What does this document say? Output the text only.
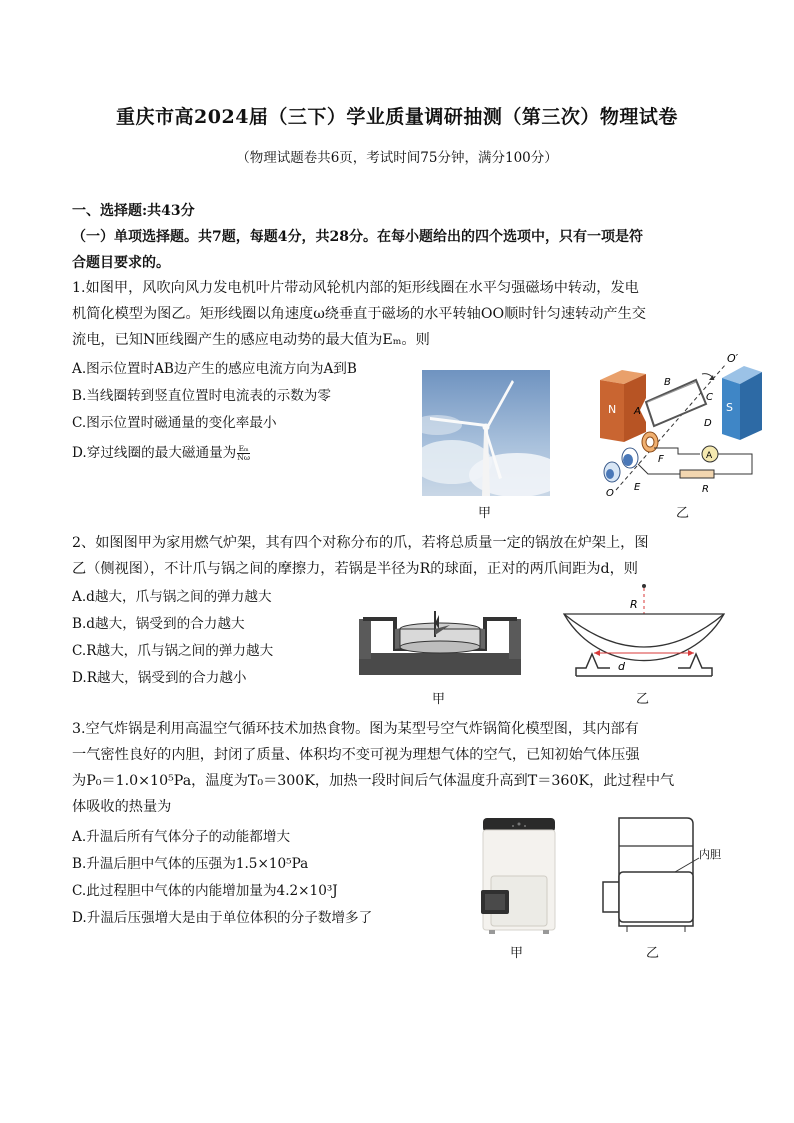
重庆市高2024届（三下）学业质量调研抽测（第三次）物理试卷
（物理试题卷共6页，考试时间75分钟，满分100分）
一、选择题:共43分
（一）单项选择题。共7题，每题4分，共28分。在每小题给出的四个选项中，只有一项是符
合题目要求的。
1.如图甲，风吹向风力发电机叶片带动风轮机内部的矩形线圈在水平匀强磁场中转动，发电
机简化模型为图乙。矩形线圈以角速度ω绕垂直于磁场的水平转轴OO顺时针匀速转动产生交
流电，已知N匝线圈产生的感应电动势的最大值为Eₘ。则
A.图示位置时AB边产生的感应电流方向为A到B
B.当线圈转到竖直位置时电流表的示数为零
C.图示位置时磁通量的变化率最小
D.穿过线圈的最大磁通量为 $\frac{\text{Eₘ}}{N\omega}$
甲
N	S
O′
B
A
C
D
O
F
E
A
R
乙
2、如图图甲为家用燃气炉架，其有四个对称分布的爪，若将总质量一定的锅放在炉架上，图
乙（侧视图），不计爪与锅之间的摩擦力，若锅是半径为R的球面，正对的两爪间距为d，则
A.d越大，爪与锅之间的弹力越大
B.d越大，锅受到的合力越大
C.R越大，爪与锅之间的弹力越大
D.R越大，锅受到的合力越小
甲
R
d
乙
3.空气炸锅是利用高温空气循环技术加热食物。图为某型号空气炸锅简化模型图，其内部有
一气密性良好的内胆，封闭了质量、体积均不变可视为理想气体的空气，已知初始气体压强
为P₀＝1.0×10⁵Pa，温度为T₀＝300K，加热一段时间后气体温度升高到T＝360K，此过程中气
体吸收的热量为
A.升温后所有气体分子的动能都增大
B.升温后胆中气体的压强为1.5×10⁵Pa
C.此过程胆中气体的内能增加量为4.2×10³J
D.升温后压强增大是由于单位体积的分子数增多了
甲
内胆
乙
